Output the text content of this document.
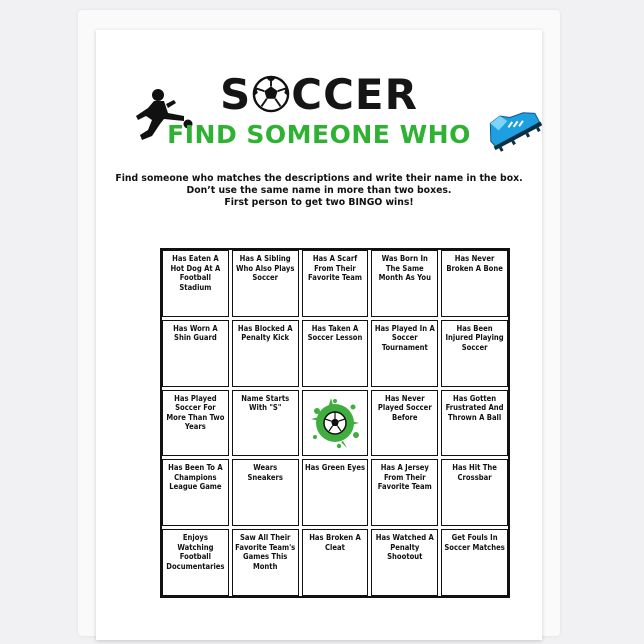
S CCER
FIND SOMEONE WHO
Find someone who matches the descriptions and write their name in the box.
Don’t use the same name in more than two boxes.
First person to get two BINGO wins!
Has Eaten A Hot Dog At A Football Stadium
Has A Sibling Who Also Plays Soccer
Has A Scarf From Their Favorite Team
Was Born In The Same Month As You
Has Never Broken A Bone
Has Worn A Shin Guard
Has Blocked A Penalty Kick
Has Taken A Soccer Lesson
Has Played In A Soccer Tournament
Has Been Injured Playing Soccer
Has Played Soccer For More Than Two Years
Name Starts With "S"
Has Never Played Soccer Before
Has Gotten Frustrated And Thrown A Ball
Has Been To A Champions League Game
Wears Sneakers
Has Green Eyes	Has A Jersey From Their Favorite Team
Has Hit The Crossbar
Enjoys Watching Football Documentaries
Saw All Their Favorite Team's Games This Month
Has Broken A Cleat
Has Watched A Penalty Shootout
Get Fouls In Soccer Matches
